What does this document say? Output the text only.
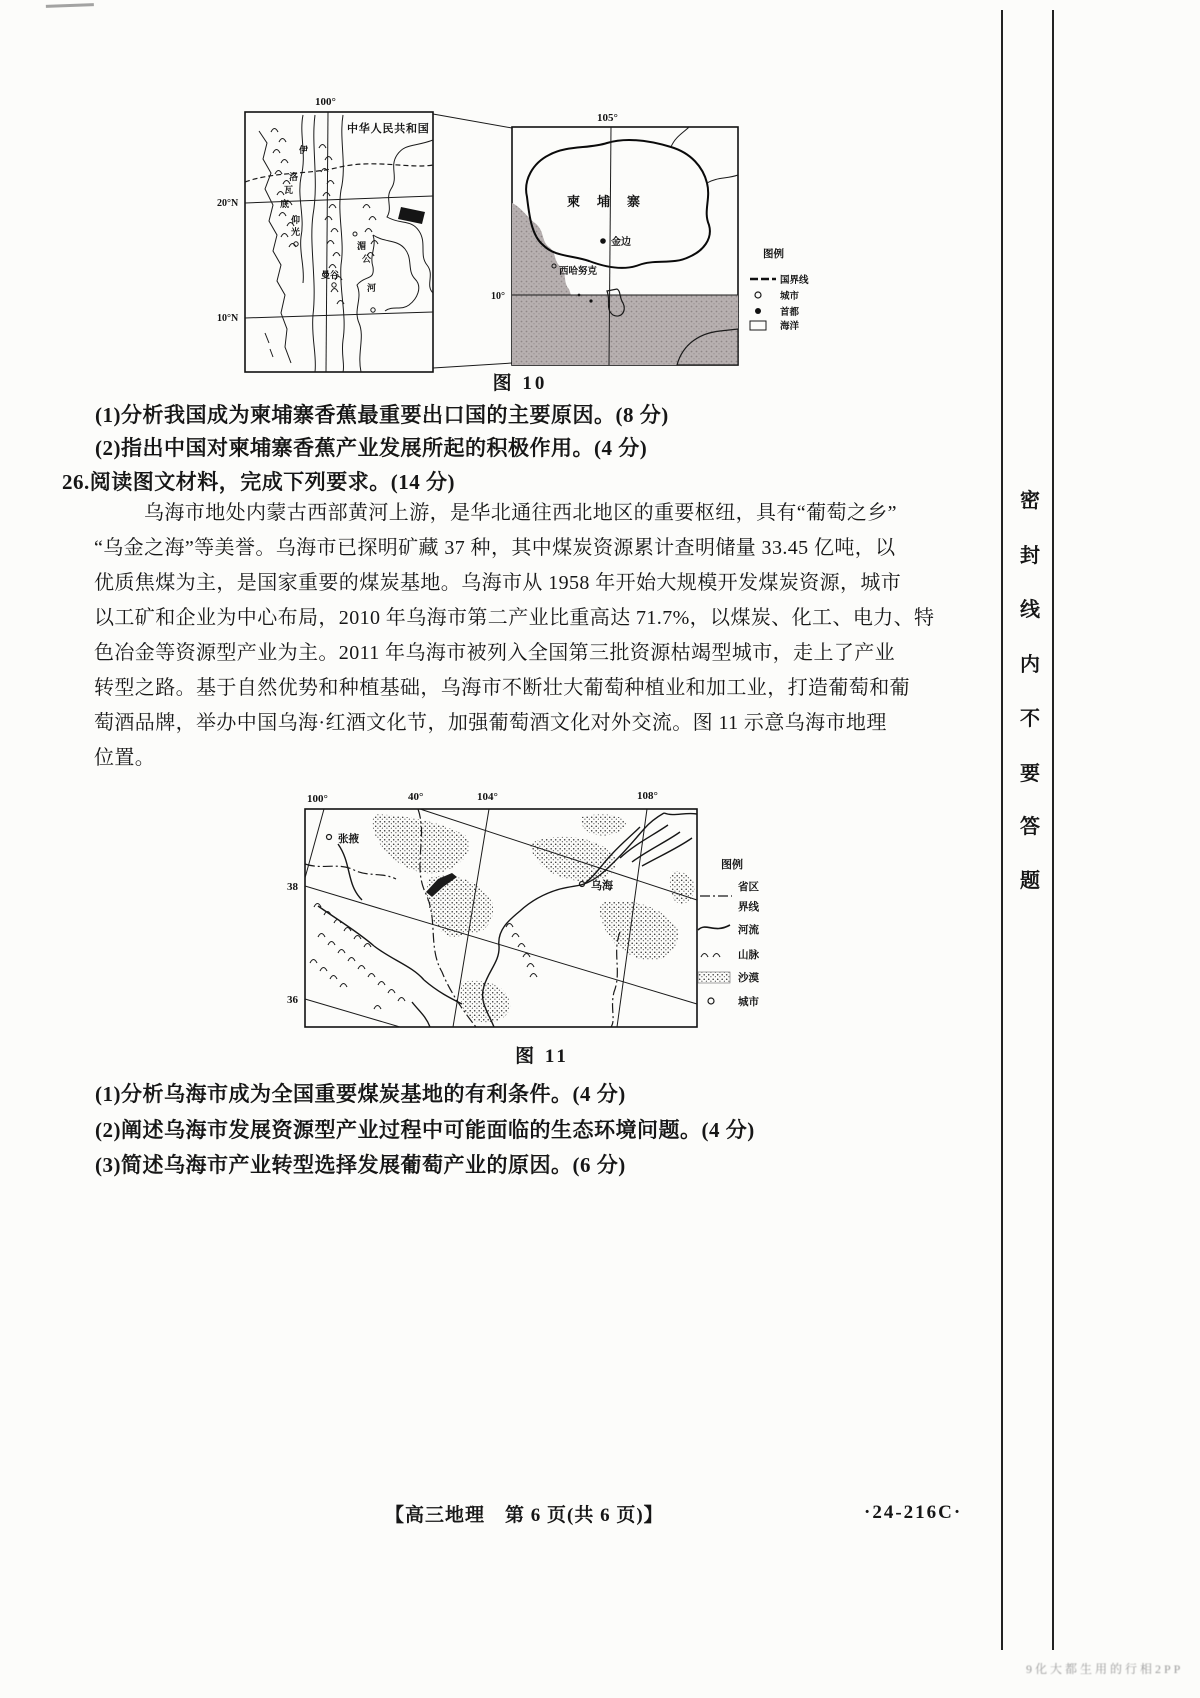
100°
中华人民共和国
20°N
10°N
伊
洛
瓦
底
仰
光
曼谷
湄
公
河
105°
10°
柬 埔 寨
金边
西哈努克
图例
国界线
城市
首都
海洋
图 10
(1)分析我国成为柬埔寨香蕉最重要出口国的主要原因。(8 分)
(2)指出中国对柬埔寨香蕉产业发展所起的积极作用。(4 分)
26.阅读图文材料，完成下列要求。(14 分)
乌海市地处内蒙古西部黄河上游，是华北通往西北地区的重要枢纽，具有“葡萄之乡”
“乌金之海”等美誉。乌海市已探明矿藏 37 种，其中煤炭资源累计查明储量 33.45 亿吨，以
优质焦煤为主，是国家重要的煤炭基地。乌海市从 1958 年开始大规模开发煤炭资源，城市
以工矿和企业为中心布局，2010 年乌海市第二产业比重高达 71.7%，以煤炭、化工、电力、特
色冶金等资源型产业为主。2011 年乌海市被列入全国第三批资源枯竭型城市，走上了产业
转型之路。基于自然优势和种植基础，乌海市不断壮大葡萄种植业和加工业，打造葡萄和葡
萄酒品牌，举办中国乌海·红酒文化节，加强葡萄酒文化对外交流。图 11 示意乌海市地理
位置。
张掖
乌海
100°	40°	104°	108°
38
36
图例
省区
界线
河流
山脉
沙漠
城市
图 11
(1)分析乌海市成为全国重要煤炭基地的有利条件。(4 分)
(2)阐述乌海市发展资源型产业过程中可能面临的生态环境问题。(4 分)
(3)简述乌海市产业转型选择发展葡萄产业的原因。(6 分)
【高三地理　第 6 页(共 6 页)】	·24-216C·
密
封
线
内
不
要
答
题
9化大都生用的行相2PP
